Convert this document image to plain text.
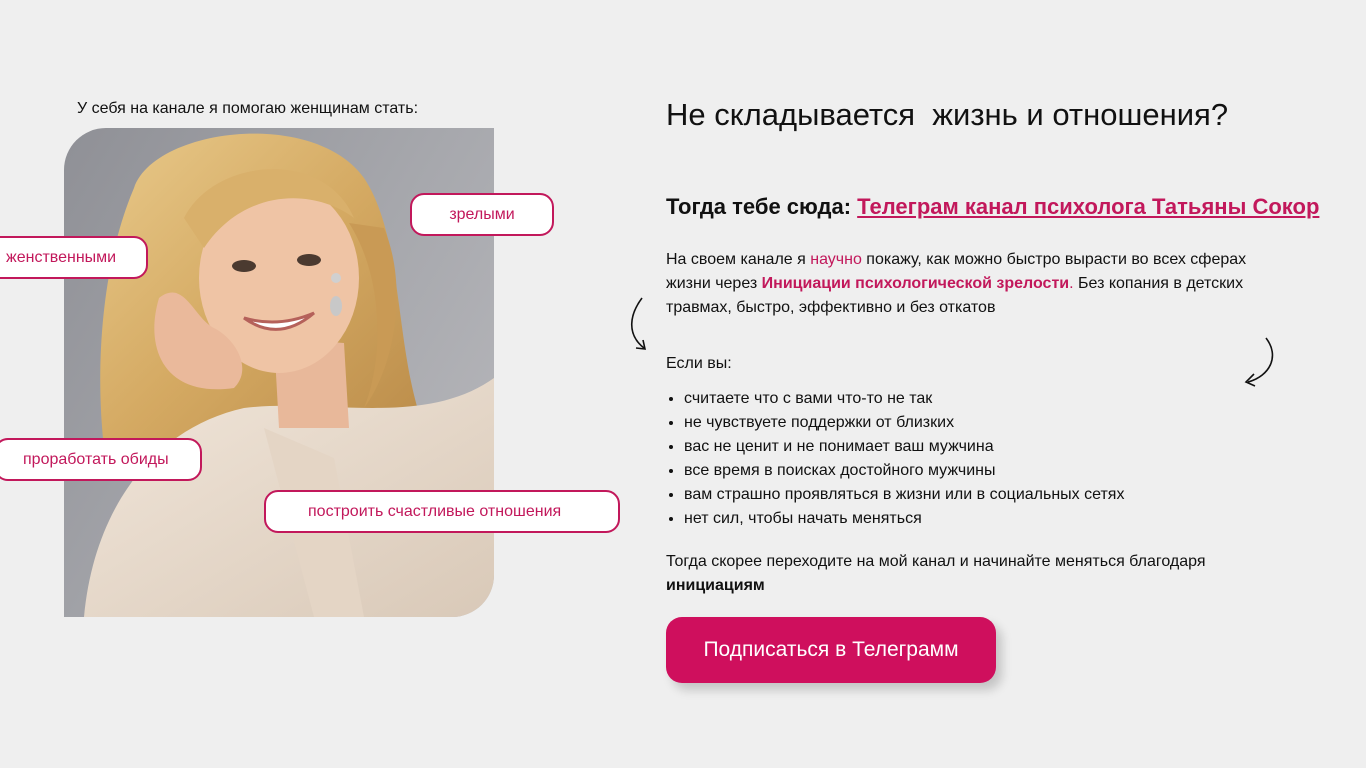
У себя на канале я помогаю женщинам стать:
зрелыми
женственными
проработать обиды
построить счастливые отношения
Не складывается  жизнь и отношения?
Тогда тебе сюда: Телеграм канал психолога Татьяны Сокор
На своем канале я научно покажу, как можно быстро вырасти во всех сферах жизни через Инициации психологической зрелости. Без копания в детских травмах, быстро, эффективно и без откатов
Если вы:
• считаете что с вами что-то не так
• не чувствуете поддержки от близких
• вас не ценит и не понимает ваш мужчина
• все время в поисках достойного мужчины
• вам страшно проявляться в жизни или в социальных сетях
• нет сил, чтобы начать меняться
Тогда скорее переходите на мой канал и начинайте меняться благодаря инициациям
Подписаться в Телеграмм
